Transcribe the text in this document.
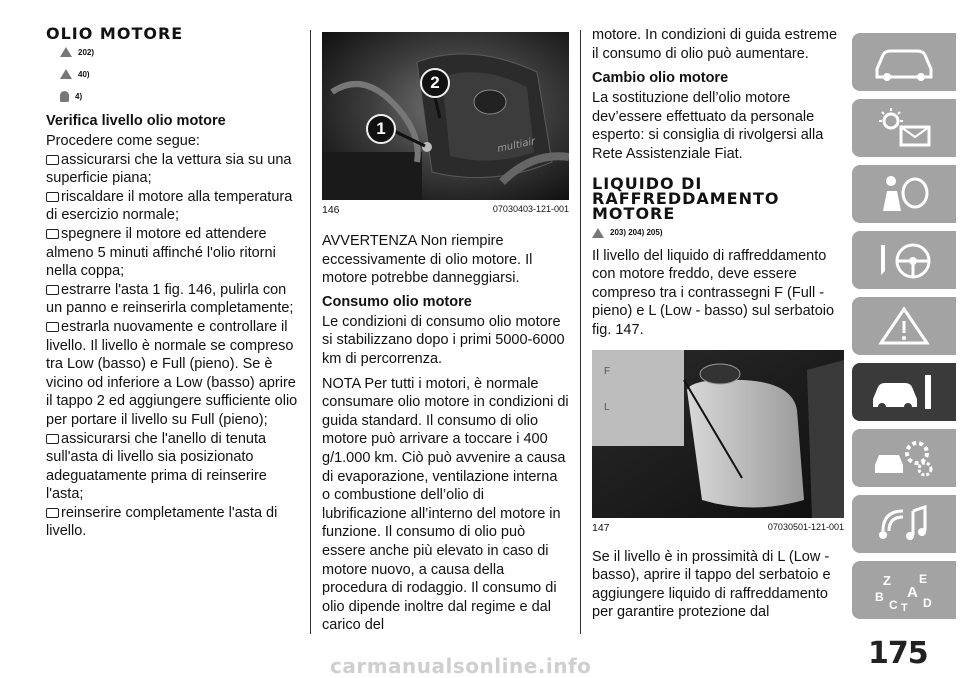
OLIO MOTORE
202)
40)
4)
Verifica livello olio motore

Procedere come segue:

assicurarsi che la vettura sia su una superficie piana;

riscaldare il motore alla temperatura di esercizio normale;

spegnere il motore ed attendere almeno 5 minuti affinché l'olio ritorni nella coppa;

estrarre l'asta 1 fig. 146, pulirla con un panno e reinserirla completamente;

estrarla nuovamente e controllare il livello. Il livello è normale se compreso tra Low (basso) e Full (pieno). Se è vicino od inferiore a Low (basso) aprire il tappo 2 ed aggiungere sufficiente olio per portare il livello su Full (pieno);

assicurarsi che l'anello di tenuta sull'asta di livello sia posizionato adeguatamente prima di reinserire l'asta;

reinserire completamente l'asta di livello.

multiair
1
2
146	07030403-121-001

AVVERTENZA Non riempire eccessivamente di olio motore. Il motore potrebbe danneggiarsi.

Consumo olio motore

Le condizioni di consumo olio motore si stabilizzano dopo i primi 5000-6000 km di percorrenza.

NOTA Per tutti i motori, è normale consumare olio motore in condizioni di guida standard. Il consumo di olio motore può arrivare a toccare i 400 g/1.000 km. Ciò può avvenire a causa di evaporazione, ventilazione interna o combustione dell’olio di lubrificazione all’interno del motore in funzione. Il consumo di olio può essere anche più elevato in caso di motore nuovo, a causa della procedura di rodaggio. Il consumo di olio dipende inoltre dal regime e dal carico del

motore. In condizioni di guida estreme il consumo di olio può aumentare.

Cambio olio motore

La sostituzione dell’olio motore dev’essere effettuato da personale esperto: si consiglia di rivolgersi alla Rete Assistenziale Fiat.

LIQUIDO DI RAFFREDDAMENTO MOTORE
203) 204) 205)

Il livello del liquido di raffreddamento con motore freddo, deve essere compreso tra i contrassegni F (Full - pieno) e L (Low - basso) sul serbatoio fig. 147.

F
L
147	07030501-121-001

Se il livello è in prossimità di L (Low - basso), aprire il tappo del serbatoio e aggiungere liquido di raffreddamento per garantire protezione dal

Z E
A
B
C T D
175
carmanualsonline.info
